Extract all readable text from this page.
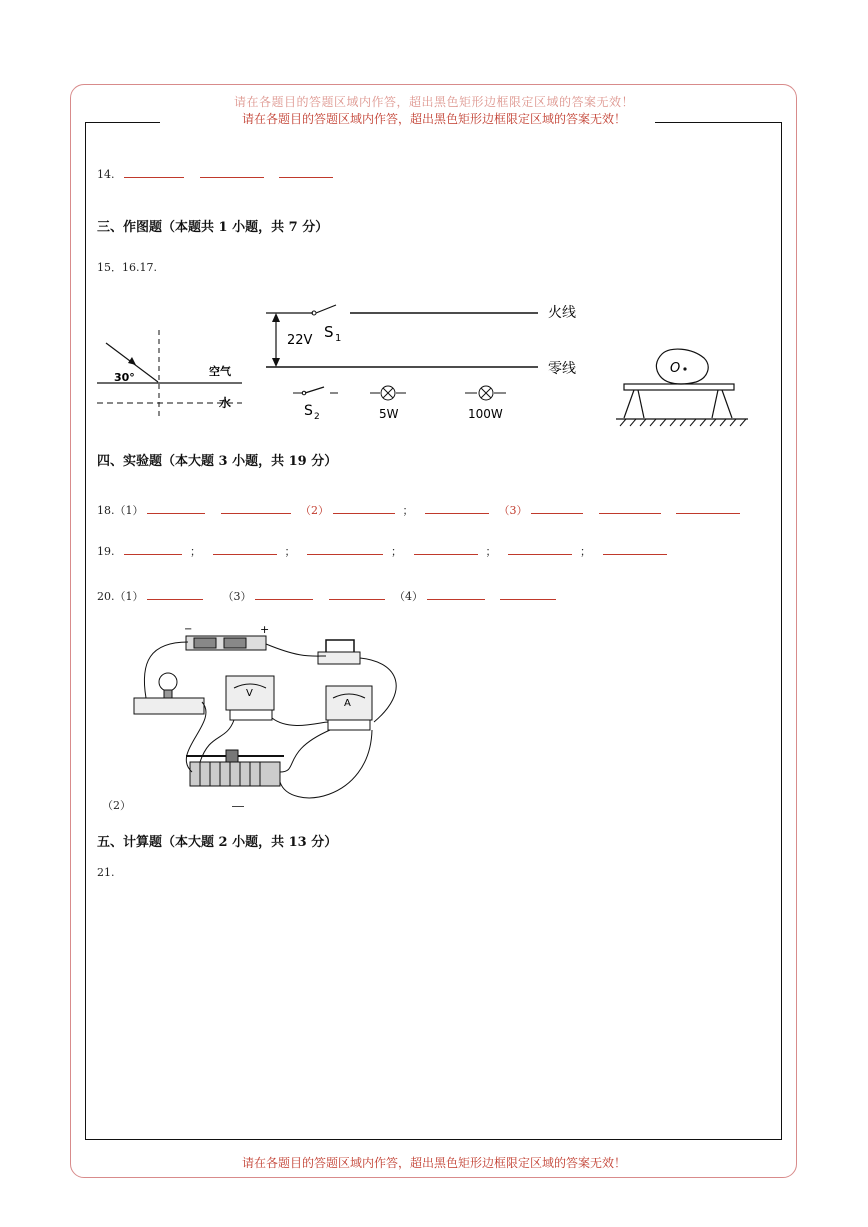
请在各题目的答题区域内作答，超出黑色矩形边框限定区域的答案无效！
请在各题目的答题区域内作答，超出黑色矩形边框限定区域的答案无效！
请在各题目的答题区域内作答，超出黑色矩形边框限定区域的答案无效！
14.
三、作图题（本题共 1 小题，共 7 分）
15．16.17.
30°	空气
水
S 1
22V
火线
零线
S 2	5W	100W
O
四、实验题（本大题 3 小题，共 19 分）
18.（1）	（2）	；	（3）
19.	；	；	；	；	；
20.（1）	（3）	（4）
−	+
V
A
（2）
五、计算题（本大题 2 小题，共 13 分）
21.
